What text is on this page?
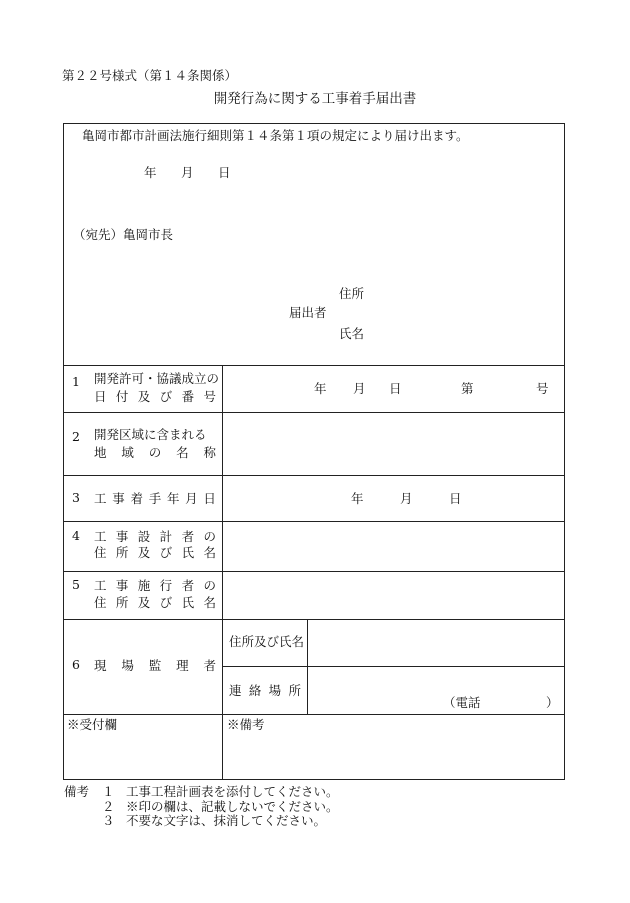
第２２号様式（第１４条関係）
開発行為に関する工事着手届出書
亀岡市都市計画法施行細則第１４条第１項の規定により届け出ます。
年 月 日
（宛先）亀岡市長
住所
届出者
氏名
1 開発許可・協議成立の
日 付 及 び 番 号
年 月 日	第	号
2 開発区域に含まれる
地 域 の 名 称
3 工 事 着 手 年 月 日	年	月	日
4 工 事 設 計 者 の
住 所 及 び 氏 名
5 工 事 施 行 者 の
住 所 及 び 氏 名
6 現 場 監 理 者
住所及び氏名
連 絡 場 所
（電話	）
※受付欄	※備考
備考 １ 工事工程計画表を添付してください。
２ ※印の欄は、記載しないでください。
３ 不要な文字は、抹消してください。
